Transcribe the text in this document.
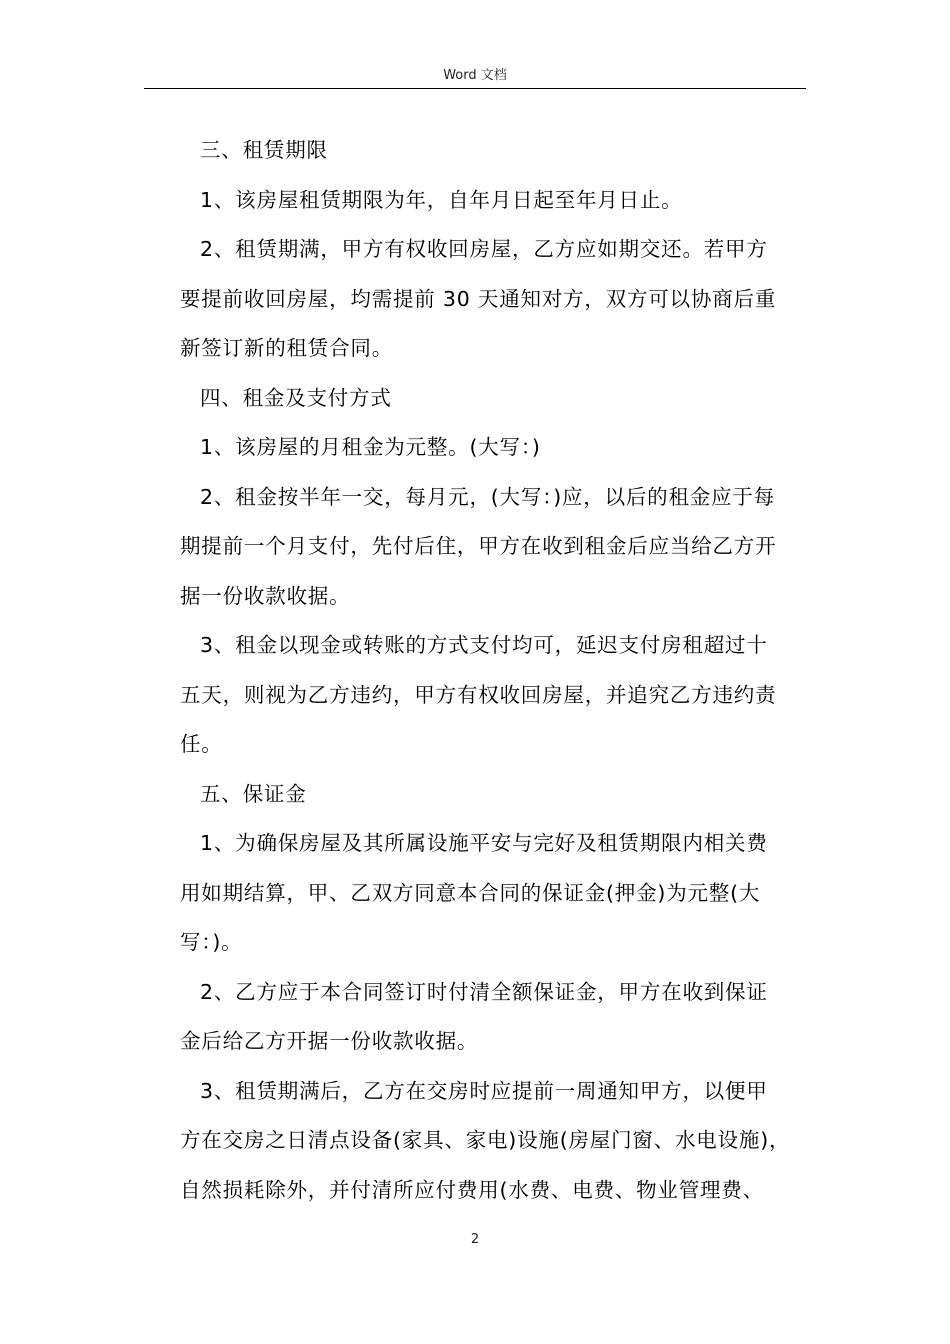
Word 文档
三、租赁期限
1、该房屋租赁期限为年，自年月日起至年月日止。
2、租赁期满，甲方有权收回房屋，乙方应如期交还。若甲方
要提前收回房屋，均需提前 30 天通知对方，双方可以协商后重
新签订新的租赁合同。
四、租金及支付方式
1、该房屋的月租金为元整。(大写：)
2、租金按半年一交，每月元，(大写：)应，以后的租金应于每
期提前一个月支付，先付后住，甲方在收到租金后应当给乙方开
据一份收款收据。
3、租金以现金或转账的方式支付均可，延迟支付房租超过十
五天，则视为乙方违约，甲方有权收回房屋，并追究乙方违约责
任。
五、保证金
1、为确保房屋及其所属设施平安与完好及租赁期限内相关费
用如期结算，甲、乙双方同意本合同的保证金(押金)为元整(大
写：)。
2、乙方应于本合同签订时付清全额保证金，甲方在收到保证
金后给乙方开据一份收款收据。
3、租赁期满后，乙方在交房时应提前一周通知甲方，以便甲
方在交房之日清点设备(家具、家电)设施(房屋门窗、水电设施)，
自然损耗除外，并付清所应付费用(水费、电费、物业管理费、
2
